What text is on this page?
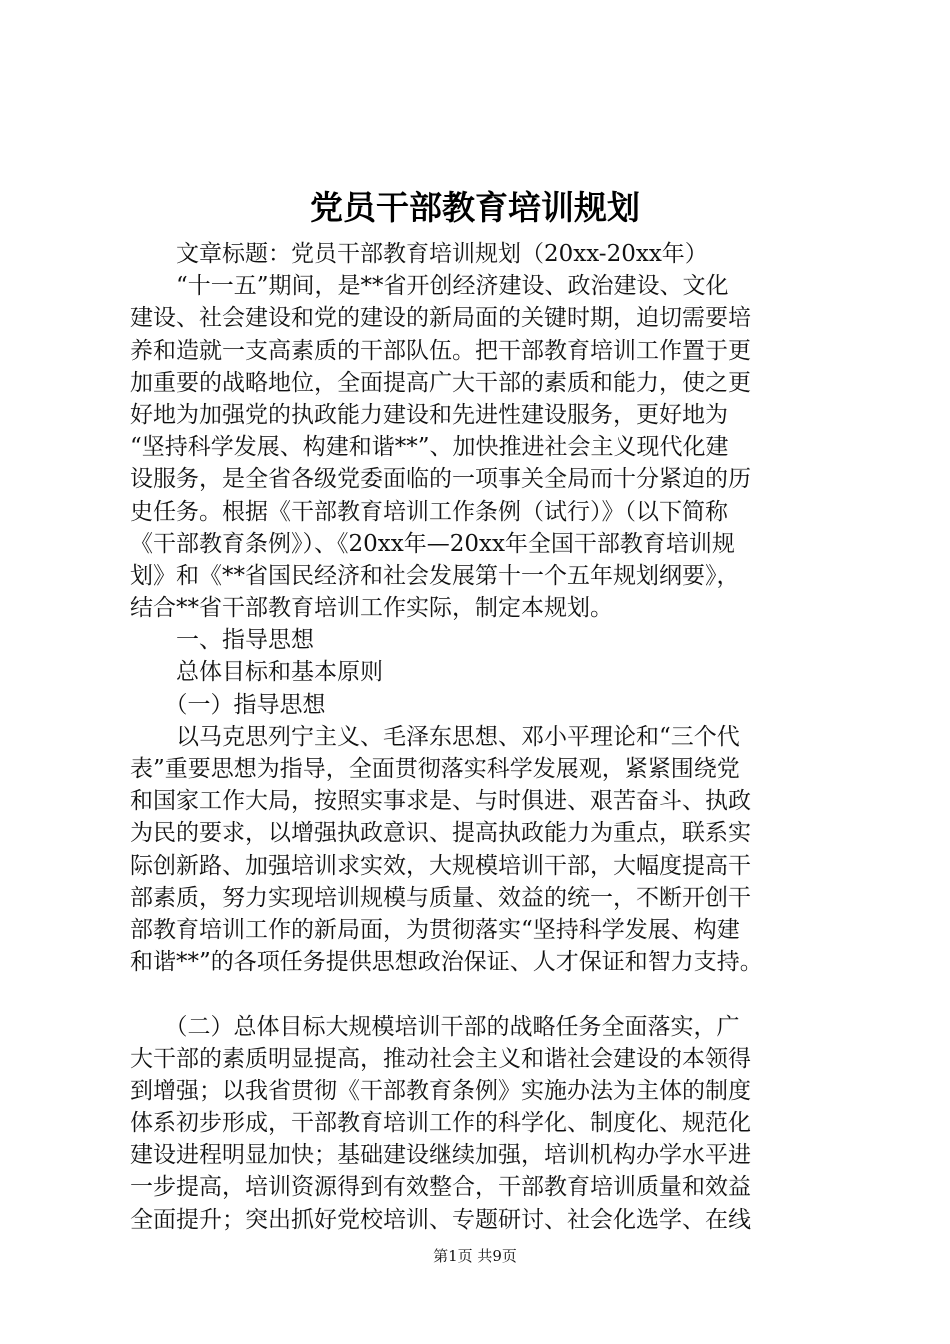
党员干部教育培训规划
　　文章标题：党员干部教育培训规划（20xx-20xx年）
　　“十一五”期间，是**省开创经济建设、政治建设、文化
建设、社会建设和党的建设的新局面的关键时期，迫切需要培
养和造就一支高素质的干部队伍。把干部教育培训工作置于更
加重要的战略地位，全面提高广大干部的素质和能力，使之更
好地为加强党的执政能力建设和先进性建设服务，更好地为
“坚持科学发展、构建和谐**”、加快推进社会主义现代化建
设服务，是全省各级党委面临的一项事关全局而十分紧迫的历
史任务。根据《干部教育培训工作条例（试行）》（以下简称
《干部教育条例》）、《20xx年—20xx年全国干部教育培训规
划》和《**省国民经济和社会发展第十一个五年规划纲要》，
结合**省干部教育培训工作实际，制定本规划。
　　一、指导思想
　　总体目标和基本原则
　　（一）指导思想
　　以马克思列宁主义、毛泽东思想、邓小平理论和“三个代
表”重要思想为指导，全面贯彻落实科学发展观，紧紧围绕党
和国家工作大局，按照实事求是、与时俱进、艰苦奋斗、执政
为民的要求，以增强执政意识、提高执政能力为重点，联系实
际创新路、加强培训求实效，大规模培训干部，大幅度提高干
部素质，努力实现培训规模与质量、效益的统一，不断开创干
部教育培训工作的新局面，为贯彻落实“坚持科学发展、构建
和谐**”的各项任务提供思想政治保证、人才保证和智力支持。
　　（二）总体目标大规模培训干部的战略任务全面落实，广
大干部的素质明显提高，推动社会主义和谐社会建设的本领得
到增强；以我省贯彻《干部教育条例》实施办法为主体的制度
体系初步形成，干部教育培训工作的科学化、制度化、规范化
建设进程明显加快；基础建设继续加强，培训机构办学水平进
一步提高，培训资源得到有效整合，干部教育培训质量和效益
全面提升；突出抓好党校培训、专题研讨、社会化选学、在线
第1页 共9页
